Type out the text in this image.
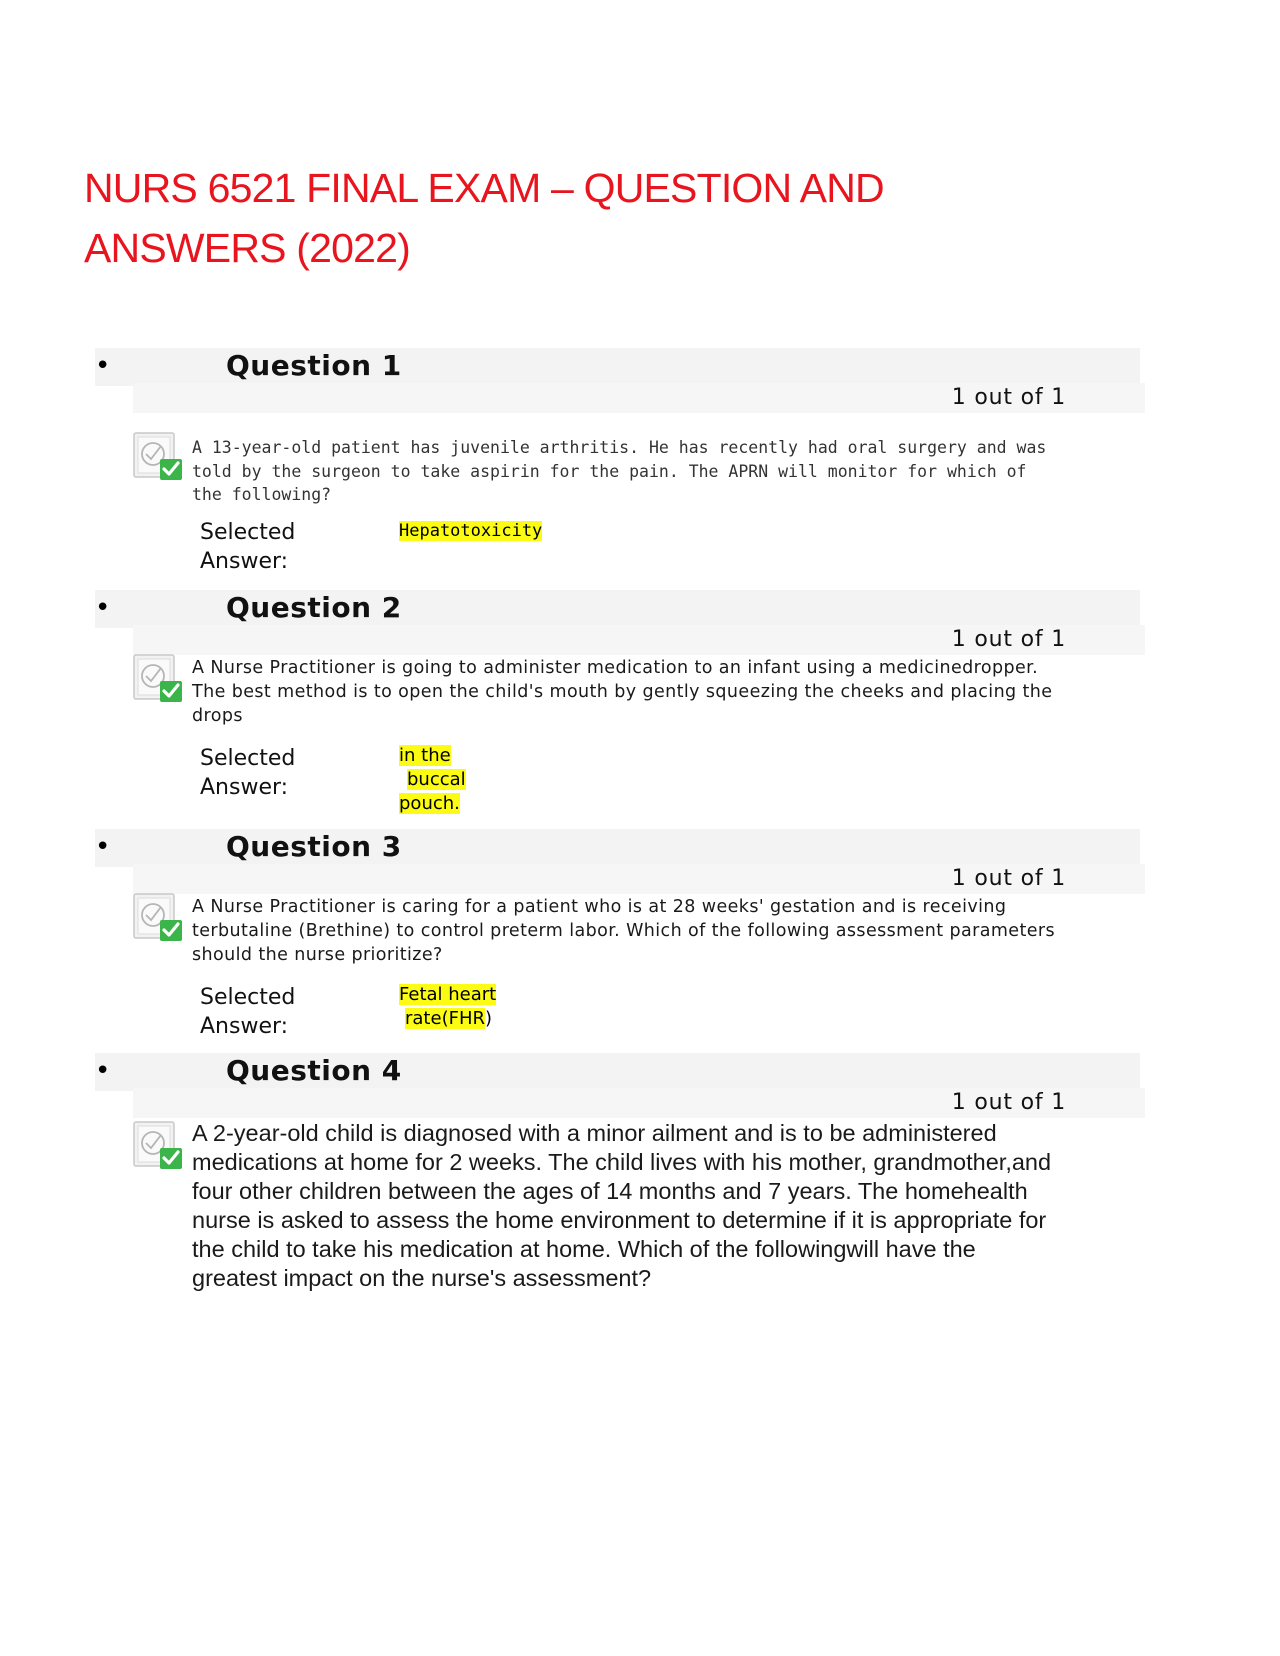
NURS 6521 FINAL EXAM – QUESTION AND ANSWERS (2022)
•	Question 1
1 out of 1

A 13-year-old patient has juvenile arthritis. He has recently had oral surgery and was told by the surgeon to take aspirin for the pain. The APRN will monitor for which of the following?

Selected Answer:
Hepatotoxicity
•	Question 2
1 out of 1

A Nurse Practitioner is going to administer medication to an infant using a medicinedropper. The best method is to open the child's mouth by gently squeezing the cheeks and placing the drops

Selected Answer:
in the
buccal
pouch.
•	Question 3
1 out of 1

A Nurse Practitioner is caring for a patient who is at 28 weeks' gestation and is receiving terbutaline (Brethine) to control preterm labor. Which of the following assessment parameters should the nurse prioritize?

Selected Answer:
Fetal heart
rate(FHR)
•	Question 4
1 out of 1

A 2-year-old child is diagnosed with a minor ailment and is to be administered medications at home for 2 weeks. The child lives with his mother, grandmother,and four other children between the ages of 14 months and 7 years. The homehealth nurse is asked to assess the home environment to determine if it is appropriate for the child to take his medication at home. Which of the followingwill have the greatest impact on the nurse's assessment?
